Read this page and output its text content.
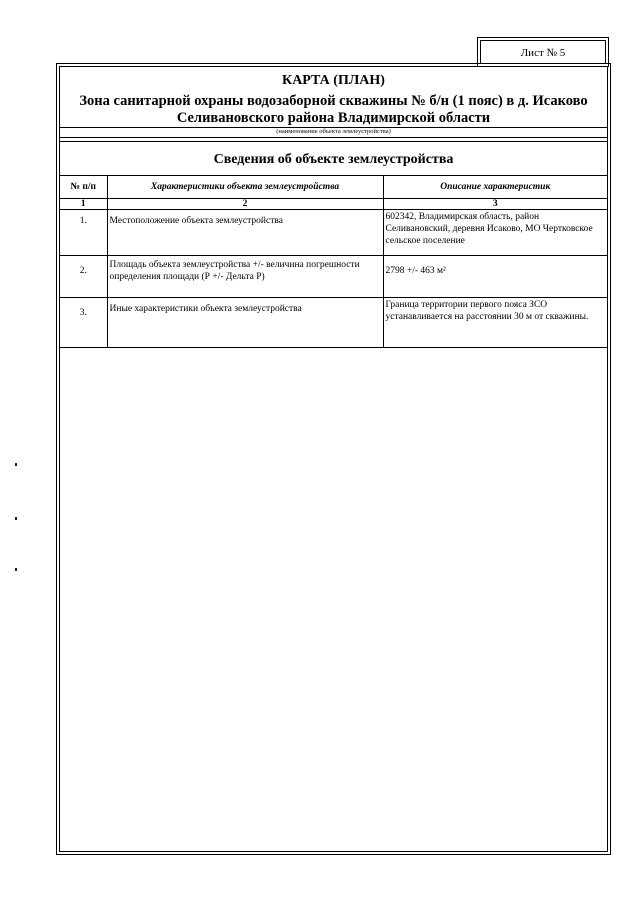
Лист № 5
КАРТА (ПЛАН)
Зона санитарной охраны водозаборной скважины № б/н (1 пояс) в д. Исаково
Селивановского района Владимирской области
(наименование объекта землеустройства)
Сведения об объекте землеустройства
№ п/п	Характеристики объекта землеустройства	Описание характеристик
1	2	3
1.	Местоположение объекта землеустройства	602342, Владимирская область, район Селивановский, деревня Исаково, МО Чертковское сельское поселение
2.	Площадь объекта землеустройства +/- величина погрешности определения площади (Р +/- Дельта Р)	2798 +/- 463 м²
3.	Иные характеристики объекта землеустройства	Граница территории первого пояса ЗСО устанавливается на расстоянии 30 м от скважины.
